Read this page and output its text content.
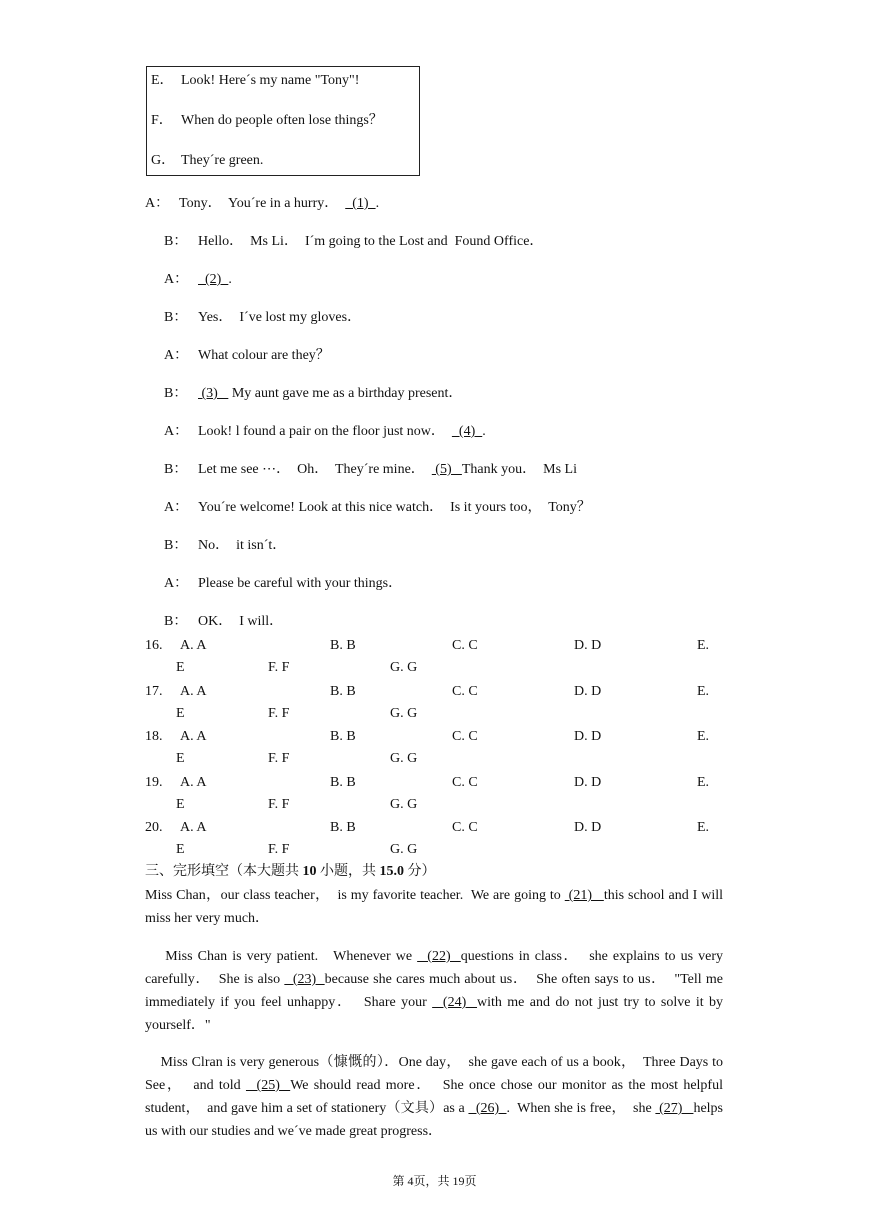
E． Look! Hereˊs my name "Tony"!
F． When do people often lose things？
G． Theyˊre green.
A： Tony．  Youˊre in a hurry．    (1)  .
B： Hello．  Ms Li．  Iˊm going to the Lost and  Found Office．
A：  (2)  .
B： Yes．  Iˊve lost my gloves．
A： What colour are they？
B： (3)    My aunt gave me as a birthday present．
A： Look! l found a pair on the floor just now．    (4)  .
B： Let me see ⋯．  Oh．  Theyˊre mine．   (5)   Thank you．  Ms Li
A： Youˊre welcome! Look at this nice watch．  Is it yours too，  Tony？
B： No．  it isnˊt．
A： Please be careful with your things．
B： OK．  I will．
16. A. A	B. B	C. C	D. D	E.
E	F. F	G. G
17. A. A	B. B	C. C	D. D	E.
E	F. F	G. G
18. A. A	B. B	C. C	D. D	E.
E	F. F	G. G
19. A. A	B. B	C. C	D. D	E.
E	F. F	G. G
20. A. A	B. B	C. C	D. D	E.
E	F. F	G. G
三、完形填空（本大题共 10 小题，共 15.0 分）

Miss Chan，our class teacher，  is my favorite teacher.  We are going to  (21)   this school and I will miss her very much．

Miss Chan is very patient.   Whenever we   (22)  questions in class．  she explains to us very carefully．  She is also   (23)  because she cares much about us．  She often says to us．  "Tell me immediately if you feel unhappy．  Share your   (24)  with me and do not just try to solve it by yourself．"

Miss Clran is very generous（慷慨的）．One day，  she gave each of us a book，  Three Days to See，  and told   (25)  We should read more．  She once chose our monitor as the most helpful student，  and gave him a set of stationery（文具）as a   (26)  .  When she is free，  she  (27)   helps us with our studies and weˊve made great progress．

第 4页，共 19页
